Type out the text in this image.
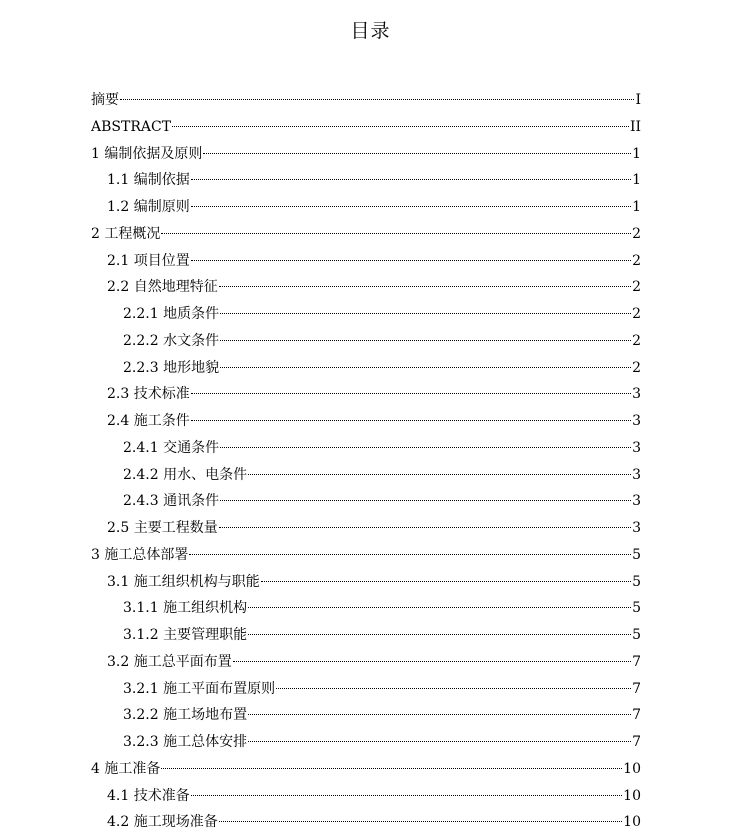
目录
摘要	I
ABSTRACT	II
1 编制依据及原则	1
1.1 编制依据	1
1.2 编制原则	1
2 工程概况	2
2.1 项目位置	2
2.2 自然地理特征	2
2.2.1 地质条件	2
2.2.2 水文条件	2
2.2.3 地形地貌	2
2.3 技术标准	3
2.4 施工条件	3
2.4.1 交通条件	3
2.4.2 用水、电条件	3
2.4.3 通讯条件	3
2.5 主要工程数量	3
3 施工总体部署	5
3.1 施工组织机构与职能	5
3.1.1 施工组织机构	5
3.1.2 主要管理职能	5
3.2 施工总平面布置	7
3.2.1 施工平面布置原则	7
3.2.2 施工场地布置	7
3.2.3 施工总体安排	7
4 施工准备	10
4.1 技术准备	10
4.2 施工现场准备	10
